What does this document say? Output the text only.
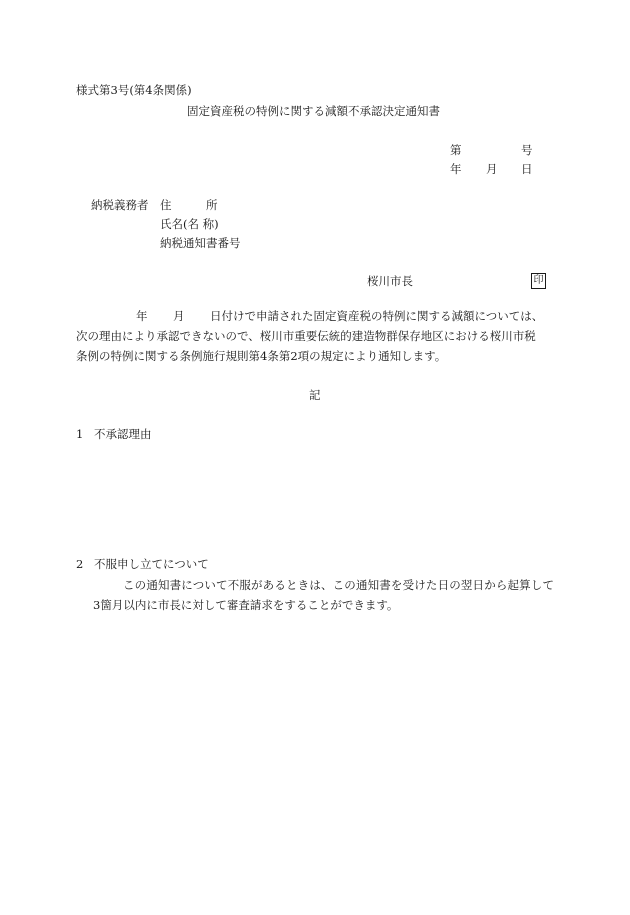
様式第3号(第4条関係)
固定資産税の特例に関する減額不承認決定通知書
第	号
年 月 日
納税義務者 住　　　所
氏名(名 称)
納税通知書番号
桜川市長	印
年 月 日付けで申請された固定資産税の特例に関する減額については、
次の理由により承認できないので、桜川市重要伝統的建造物群保存地区における桜川市税
条例の特例に関する条例施行規則第4条第2項の規定により通知します。
記
1 不承認理由
2 不服申し立てについて
この通知書について不服があるときは、この通知書を受けた日の翌日から起算して3箇月以内に市長に対して審査請求をすることができます。
